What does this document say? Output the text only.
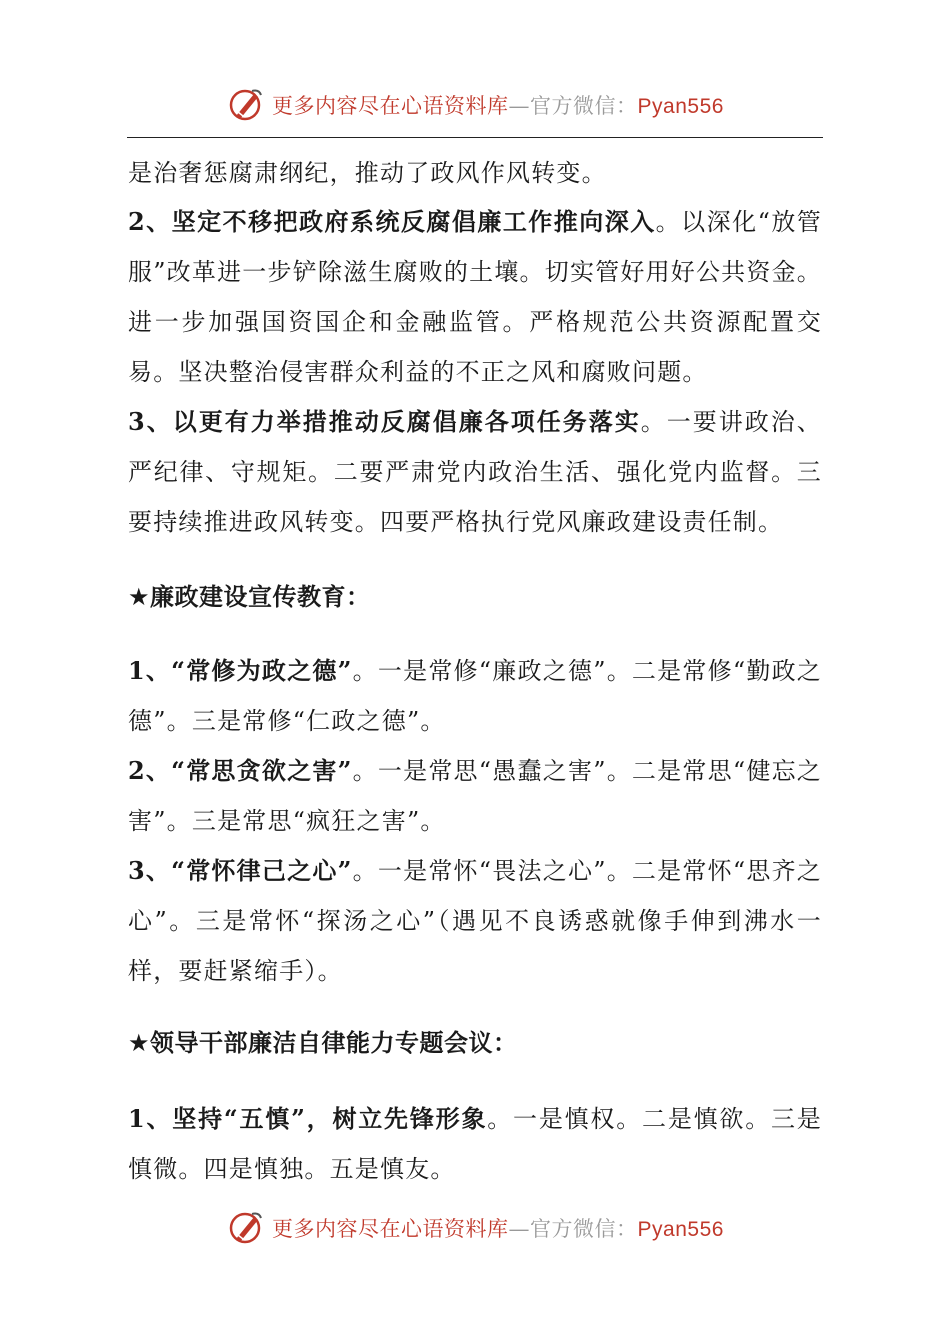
更多内容尽在心语资料库—官方微信：Pyan556

是治奢惩腐肃纲纪，推动了政风作风转变。

2、坚定不移把政府系统反腐倡廉工作推向深入。以深化“放管服”改革进一步铲除滋生腐败的土壤。切实管好用好公共资金。进一步加强国资国企和金融监管。严格规范公共资源配置交易。坚决整治侵害群众利益的不正之风和腐败问题。

3、以更有力举措推动反腐倡廉各项任务落实。一要讲政治、严纪律、守规矩。二要严肃党内政治生活、强化党内监督。三要持续推进政风转变。四要严格执行党风廉政建设责任制。

★廉政建设宣传教育：

1、“常修为政之德”。一是常修“廉政之德”。二是常修“勤政之德”。三是常修“仁政之德”。

2、“常思贪欲之害”。一是常思“愚蠢之害”。二是常思“健忘之害”。三是常思“疯狂之害”。

3、“常怀律己之心”。一是常怀“畏法之心”。二是常怀“思齐之心”。三是常怀“探汤之心”（遇见不良诱惑就像手伸到沸水一样，要赶紧缩手）。

★领导干部廉洁自律能力专题会议：

1、坚持“五慎”，树立先锋形象。一是慎权。二是慎欲。三是慎微。四是慎独。五是慎友。

更多内容尽在心语资料库—官方微信：Pyan556
